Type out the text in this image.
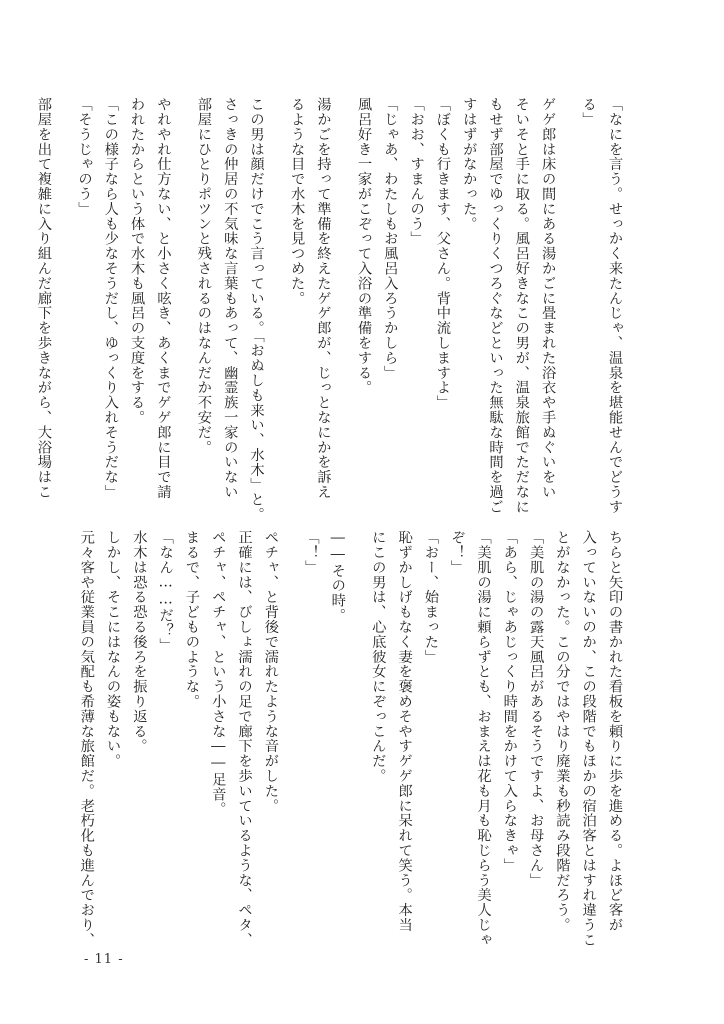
「なにを言う。せっかく来たんじゃ、温泉を堪能せんでどうす
る」
ゲゲ郎は床の間にある湯かごに畳まれた浴衣や手ぬぐいをい
そいそと手に取る。風呂好きなこの男が、温泉旅館でただなに
もせず部屋でゆっくりくつろぐなどといった無駄な時間を過ご
すはずがなかった。
「ぼくも行きます、父さん。背中流しますよ」
「おお、すまんのう」
「じゃあ、わたしもお風呂入ろうかしら」
風呂好き一家がこぞって入浴の準備をする。
湯かごを持って準備を終えたゲゲ郎が、じっとなにかを訴え
るような目で水木を見つめた。
この男は顔だけでこう言っている。「おぬしも来い、水木」と。
さっきの仲居の不気味な言葉もあって、幽霊族一家のいない
部屋にひとりポツンと残されるのはなんだか不安だ。
やれやれ仕方ない、と小さく呟き、あくまでゲゲ郎に目で請
われたからという体で水木も風呂の支度をする。
「この様子なら人も少なそうだし、ゆっくり入れそうだな」
「そうじゃのう」
部屋を出て複雑に入り組んだ廊下を歩きながら、大浴場はこ
ちらと矢印の書かれた看板を頼りに歩を進める。よほど客が
入っていないのか、この段階でもほかの宿泊客とはすれ違うこ
とがなかった。この分ではやはり廃業も秒読み段階だろう。
「美肌の湯の露天風呂があるそうですよ、お母さん」
「あら、じゃあじっくり時間をかけて入らなきゃ」
「美肌の湯に頼らずとも、おまえは花も月も恥じらう美人じゃ
ぞ！」
「おー、始まった」
恥ずかしげもなく妻を褒めそやすゲゲ郎に呆れて笑う。本当
にこの男は、心底彼女にぞっこんだ。
――その時。
「！」
ペチャ、と背後で濡れたような音がした。
正確には、びしょ濡れの足で廊下を歩いているような、ペタ、
ペチャ、ペチャ、という小さな――足音。
まるで、子どものような。
「なん……だ？」
水木は恐る恐る後ろを振り返る。
しかし、そこにはなんの姿もない。
元々客や従業員の気配も希薄な旅館だ。老朽化も進んでおり、
- 11 -
